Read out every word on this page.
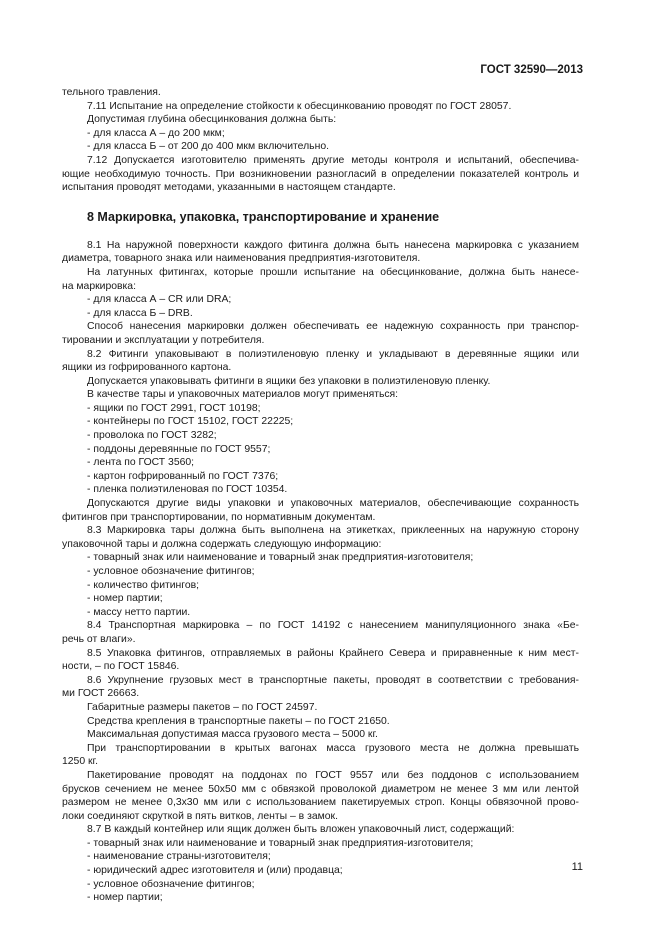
ГОСТ 32590—2013
тельного травления.
7.11 Испытание на определение стойкости к обесцинкованию проводят по ГОСТ 28057.
Допустимая глубина обесцинкования должна быть:
- для класса А – до 200 мкм;
- для класса Б – от 200 до 400 мкм включительно.
7.12 Допускается изготовителю применять другие методы контроля и испытаний, обеспечива-
ющие необходимую точность. При возникновении разногласий в определении показателей контроль и
испытания проводят методами, указанными в настоящем стандарте.
8 Маркировка, упаковка, транспортирование и хранение
8.1 На наружной поверхности каждого фитинга должна быть нанесена маркировка с указанием
диаметра, товарного знака или наименования предприятия-изготовителя.
На латунных фитингах, которые прошли испытание на обесцинкование, должна быть нанесе-
на маркировка:
- для класса А – CR или DRA;
- для класса Б – DRB.
Способ нанесения маркировки должен обеспечивать ее надежную сохранность при транспор-
тировании и эксплуатации у потребителя.
8.2 Фитинги упаковывают в полиэтиленовую пленку и укладывают в деревянные ящики или
ящики из гофрированного картона.
Допускается упаковывать фитинги в ящики без упаковки в полиэтиленовую пленку.
В качестве тары и упаковочных материалов могут применяться:
- ящики по ГОСТ 2991, ГОСТ 10198;
- контейнеры по ГОСТ 15102, ГОСТ 22225;
- проволока по ГОСТ 3282;
- поддоны деревянные по ГОСТ 9557;
- лента по ГОСТ 3560;
- картон гофрированный по ГОСТ 7376;
- пленка полиэтиленовая по ГОСТ 10354.
Допускаются другие виды упаковки и упаковочных материалов, обеспечивающие сохранность
фитингов при транспортировании, по нормативным документам.
8.3 Маркировка тары должна быть выполнена на этикетках, приклеенных на наружную сторону
упаковочной тары и должна содержать следующую информацию:
- товарный знак или наименование и товарный знак предприятия-изготовителя;
- условное обозначение фитингов;
- количество фитингов;
- номер партии;
- массу нетто партии.
8.4 Транспортная маркировка – по ГОСТ 14192 с нанесением манипуляционного знака «Бе-
речь от влаги».
8.5 Упаковка фитингов, отправляемых в районы Крайнего Севера и приравненные к ним мест-
ности, – по ГОСТ 15846.
8.6 Укрупнение грузовых мест в транспортные пакеты, проводят в соответствии с требования-
ми ГОСТ 26663.
Габаритные размеры пакетов – по ГОСТ 24597.
Средства крепления в транспортные пакеты – по ГОСТ 21650.
Максимальная допустимая масса грузового места – 5000 кг.
При транспортировании в крытых вагонах масса грузового места не должна превышать
1250 кг.
Пакетирование проводят на поддонах по ГОСТ 9557 или без поддонов с использованием
брусков сечением не менее 50х50 мм с обвязкой проволокой диаметром не менее 3 мм или лентой
размером не менее 0,3х30 мм или с использованием пакетируемых строп. Концы обвязочной прово-
локи соединяют скруткой в пять витков, ленты – в замок.
8.7 В каждый контейнер или ящик должен быть вложен упаковочный лист, содержащий:
- товарный знак или наименование и товарный знак предприятия-изготовителя;
- наименование страны-изготовителя;
- юридический адрес изготовителя и (или) продавца;
- условное обозначение фитингов;
- номер партии;
11
